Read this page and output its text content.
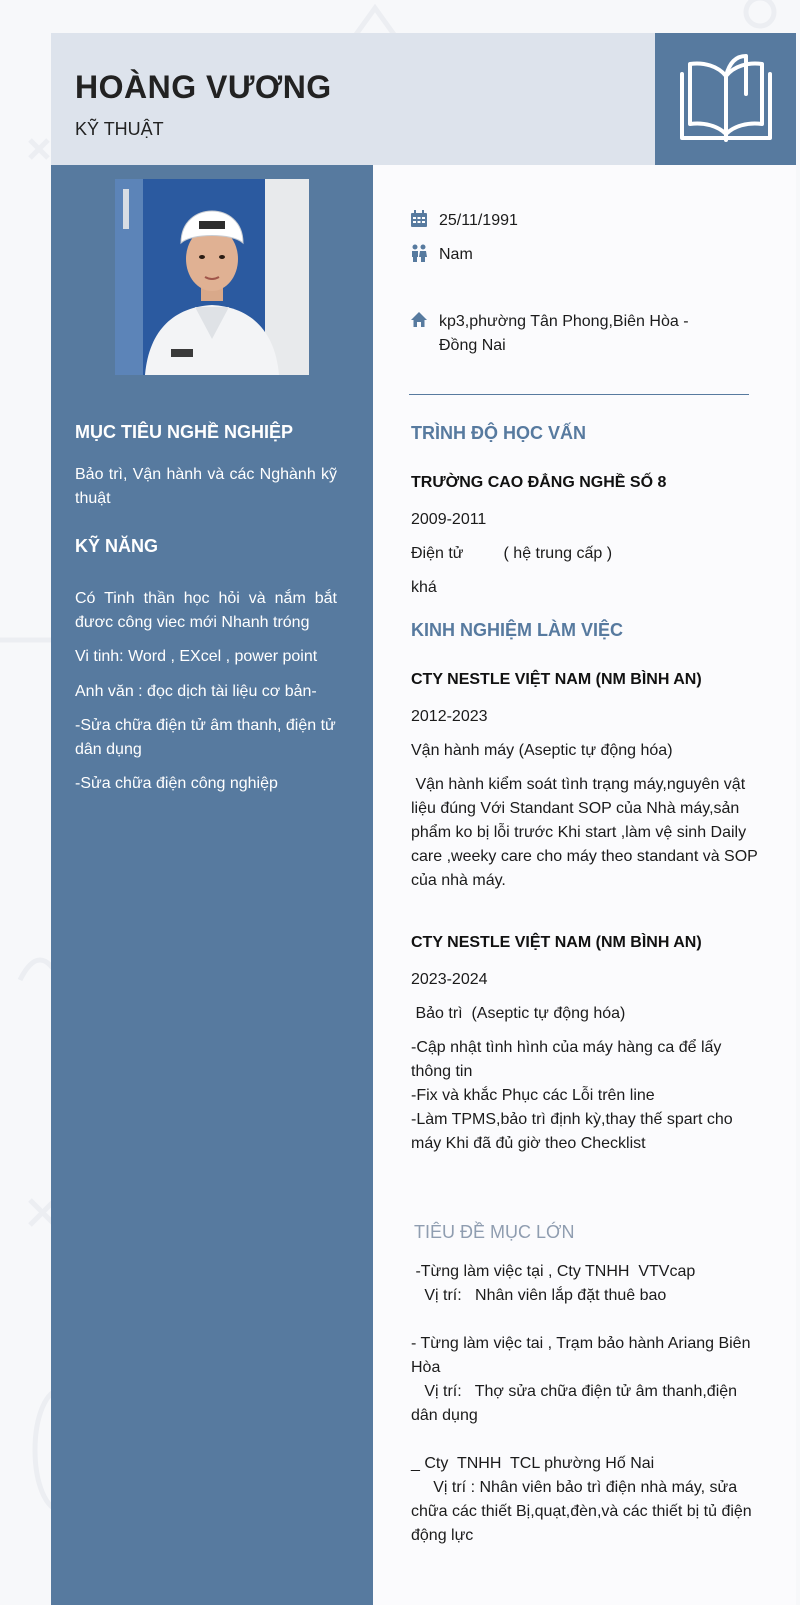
HOÀNG VƯƠNG
KỸ THUẬT
MỤC TIÊU NGHỀ NGHIỆP
Bảo trì, Vận hành và các Nghành kỹ thuật
KỸ NĂNG
Có Tinh thần học hỏi và nắm bắt đươc công viec mới Nhanh tróng
Vi tinh: Word , EXcel , power point
Anh văn : đọc dịch tài liệu cơ bản-
-Sửa chữa điện tử âm thanh, điện tử dân dụng
-Sửa chữa điện công nghiệp
25/11/1991
Nam
kp3,phường Tân Phong,Biên Hòa - Đồng Nai
TRÌNH ĐỘ HỌC VẤN
TRƯỜNG CAO ĐẲNG NGHỀ SỐ 8
2009-2011
Điện tử         ( hệ trung cấp )
khá
KINH NGHIỆM LÀM VIỆC
CTY NESTLE VIỆT NAM (NM BÌNH AN)
2012-2023
Vận hành máy (Aseptic tự động hóa)
Vận hành kiểm soát tình trạng máy,nguyên vật liệu đúng Với Standant SOP của Nhà máy,sản phẩm ko bị lỗi trước Khi start ,làm vệ sinh Daily care ,weeky care cho máy theo standant và SOP của nhà máy.
CTY NESTLE VIỆT NAM (NM BÌNH AN)
2023-2024
Bảo trì  (Aseptic tự động hóa)
-Cập nhật tình hình của máy hàng ca để lấy thông tin
-Fix và khắc Phục các Lỗi trên line
-Làm TPMS,bảo trì định kỳ,thay thế spart cho máy Khi đã đủ giờ theo Checklist
TIÊU ĐỀ MỤC LỚN
-Từng làm việc tại , Cty TNHH  VTVcap
Vị trí:   Nhân viên lắp đặt thuê bao

- Từng làm việc tai , Trạm bảo hành Ariang Biên Hòa
Vị trí:   Thợ sửa chữa điện tử âm thanh,điện dân dụng

_ Cty  TNHH  TCL phường Hố Nai
Vị trí : Nhân viên bảo trì điện nhà máy, sửa chữa các thiết Bị,quạt,đèn,và các thiết bị tủ điện động lực
